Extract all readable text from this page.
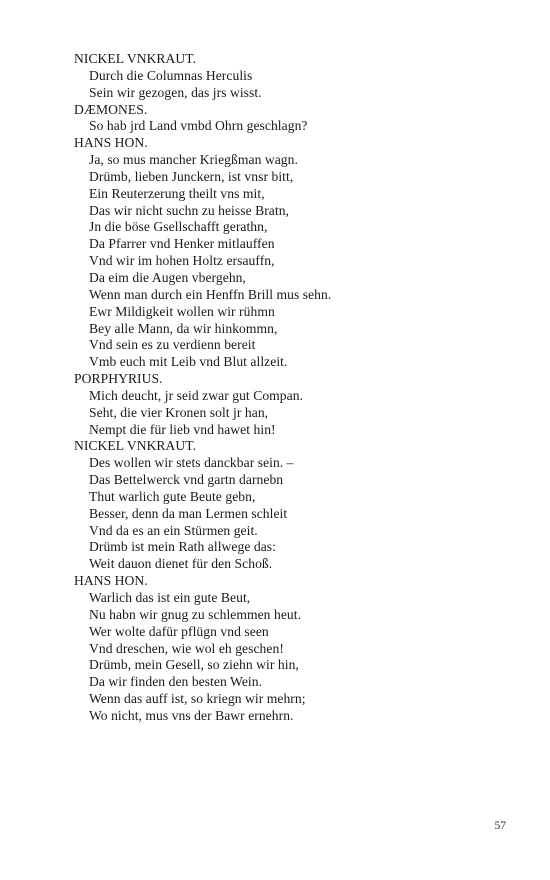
NICKEL VNKRAUT.
Durch die Columnas Herculis
Sein wir gezogen, das jrs wisst.
DÆMONES.
So hab jrd Land vmbd Ohrn geschlagn?
HANS HON.
Ja, so mus mancher Kriegßman wagn.
Drümb, lieben Junckern, ist vnsr bitt,
Ein Reuterzerung theilt vns mit,
Das wir nicht suchn zu heisse Bratn,
Jn die böse Gsellschafft gerathn,
Da Pfarrer vnd Henker mitlauffen
Vnd wir im hohen Holtz ersauffn,
Da eim die Augen vbergehn,
Wenn man durch ein Henffn Brill mus sehn.
Ewr Mildigkeit wollen wir rühmn
Bey alle Mann, da wir hinkommn,
Vnd sein es zu verdienn bereit
Vmb euch mit Leib vnd Blut allzeit.
PORPHYRIUS.
Mich deucht, jr seid zwar gut Compan.
Seht, die vier Kronen solt jr han,
Nempt die für lieb vnd hawet hin!
NICKEL VNKRAUT.
Des wollen wir stets danckbar sein. –
Das Bettelwerck vnd gartn darnebn
Thut warlich gute Beute gebn,
Besser, denn da man Lermen schleit
Vnd da es an ein Stürmen geit.
Drümb ist mein Rath allwege das:
Weit dauon dienet für den Schoß.
HANS HON.
Warlich das ist ein gute Beut,
Nu habn wir gnug zu schlemmen heut.
Wer wolte dafür pflügn vnd seen
Vnd dreschen, wie wol eh geschen!
Drümb, mein Gesell, so ziehn wir hin,
Da wir finden den besten Wein.
Wenn das auff ist, so kriegn wir mehrn;
Wo nicht, mus vns der Bawr ernehrn.
57
